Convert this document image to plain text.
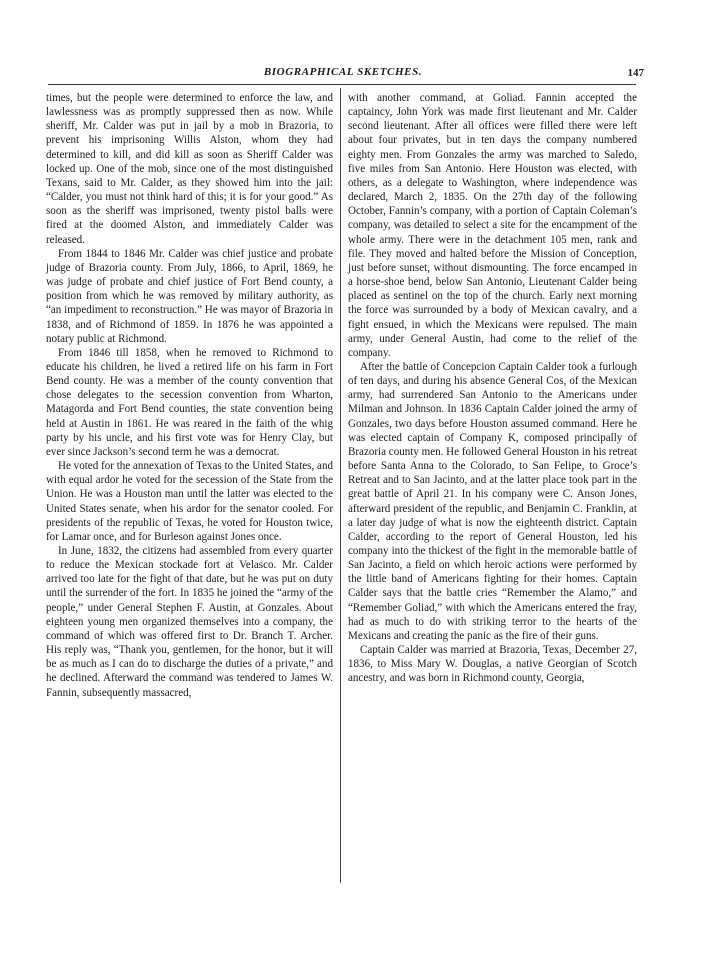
BIOGRAPHICAL SKETCHES.	147

times, but the people were determined to enforce the law, and lawlessness was as promptly suppressed then as now. While sheriff, Mr. Calder was put in jail by a mob in Brazoria, to prevent his imprisoning Willis Alston, whom they had determined to kill, and did kill as soon as Sheriff Calder was locked up. One of the mob, since one of the most distinguished Texans, said to Mr. Calder, as they showed him into the jail: “Calder, you must not think hard of this; it is for your good.” As soon as the sheriff was imprisoned, twenty pistol balls were fired at the doomed Alston, and immediately Calder was released.

From 1844 to 1846 Mr. Calder was chief justice and probate judge of Brazoria county. From July, 1866, to April, 1869, he was judge of probate and chief justice of Fort Bend county, a position from which he was removed by military authority, as “an impediment to reconstruction.” He was mayor of Brazoria in 1838, and of Richmond of 1859. In 1876 he was appointed a notary public at Richmond.

From 1846 till 1858, when he removed to Richmond to educate his children, he lived a retired life on his farm in Fort Bend county. He was a member of the county convention that chose delegates to the secession convention from Wharton, Matagorda and Fort Bend counties, the state convention being held at Austin in 1861. He was reared in the faith of the whig party by his uncle, and his first vote was for Henry Clay, but ever since Jackson’s second term he was a democrat.

He voted for the annexation of Texas to the United States, and with equal ardor he voted for the secession of the State from the Union. He was a Houston man until the latter was elected to the United States senate, when his ardor for the senator cooled. For presidents of the republic of Texas, he voted for Houston twice, for Lamar once, and for Burleson against Jones once.

In June, 1832, the citizens had assembled from every quarter to reduce the Mexican stockade fort at Velasco. Mr. Calder arrived too late for the fight of that date, but he was put on duty until the surrender of the fort. In 1835 he joined the “army of the people,” under General Stephen F. Austin, at Gonzales. About eighteen young men organized themselves into a company, the command of which was offered first to Dr. Branch T. Archer. His reply was, “Thank you, gentlemen, for the honor, but it will be as much as I can do to discharge the duties of a private,” and he declined. Afterward the command was tendered to James W. Fannin, subsequently massacred,

with another command, at Goliad. Fannin accepted the captaincy, John York was made first lieutenant and Mr. Calder second lieutenant. After all offices were filled there were left about four privates, but in ten days the company numbered eighty men. From Gonzales the army was marched to Saledo, five miles from San Antonio. Here Houston was elected, with others, as a delegate to Washington, where independence was declared, March 2, 1835. On the 27th day of the following October, Fannin’s company, with a portion of Captain Coleman’s company, was detailed to select a site for the encampment of the whole army. There were in the detachment 105 men, rank and file. They moved and halted before the Mission of Conception, just before sunset, without dismounting. The force encamped in a horse-shoe bend, below San Antonio, Lieutenant Calder being placed as sentinel on the top of the church. Early next morning the force was surrounded by a body of Mexican cavalry, and a fight ensued, in which the Mexicans were repulsed. The main army, under General Austin, had come to the relief of the company.

After the battle of Concepcion Captain Calder took a furlough of ten days, and during his absence General Cos, of the Mexican army, had surrendered San Antonio to the Americans under Milman and Johnson. In 1836 Captain Calder joined the army of Gonzales, two days before Houston assumed command. Here he was elected captain of Company K, composed principally of Brazoria county men. He followed General Houston in his retreat before Santa Anna to the Colorado, to San Felipe, to Groce’s Retreat and to San Jacinto, and at the latter place took part in the great battle of April 21. In his company were C. Anson Jones, afterward president of the republic, and Benjamin C. Franklin, at a later day judge of what is now the eighteenth district. Captain Calder, according to the report of General Houston, led his company into the thickest of the fight in the memorable battle of San Jacinto, a field on which heroic actions were performed by the little band of Americans fighting for their homes. Captain Calder says that the battle cries “Remember the Alamo,” and “Remember Goliad,” with which the Americans entered the fray, had as much to do with striking terror to the hearts of the Mexicans and creating the panic as the fire of their guns.

Captain Calder was married at Brazoria, Texas, December 27, 1836, to Miss Mary W. Douglas, a native Georgian of Scotch ancestry, and was born in Richmond county, Georgia,
